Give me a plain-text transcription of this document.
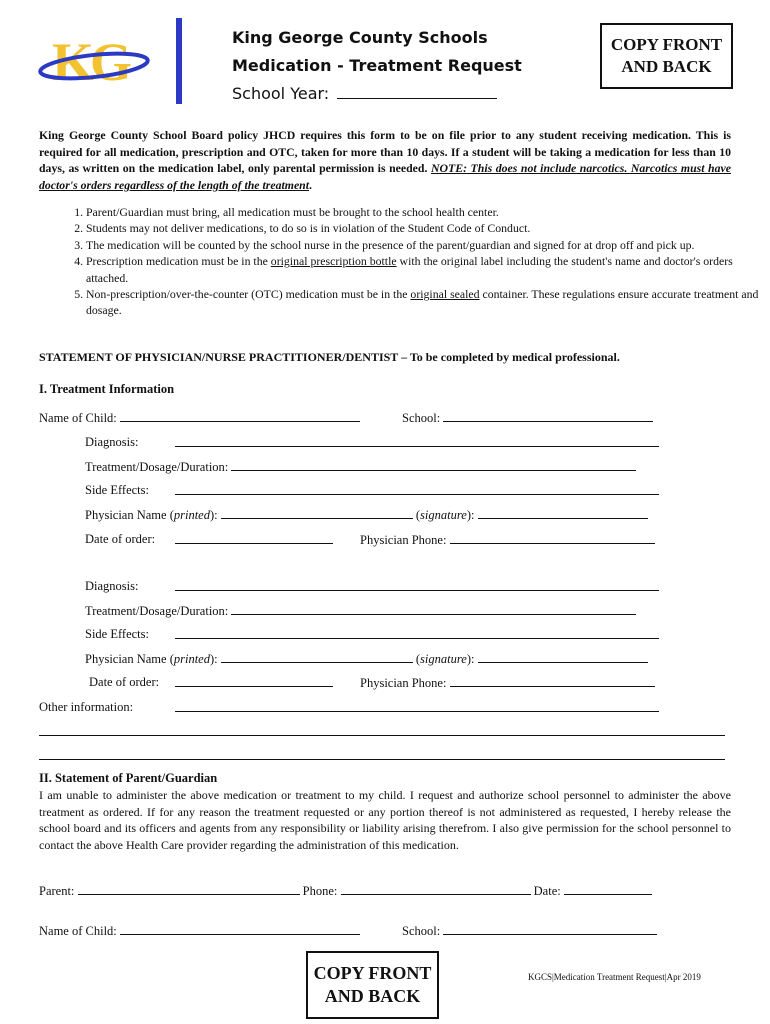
KG	King George County Schools
Medication - Treatment Request
School Year:
COPY FRONT AND BACK
King George County School Board policy JHCD requires this form to be on file prior to any student receiving medication. This is required for all medication, prescription and OTC, taken for more than 10 days. If a student will be taking a medication for less than 10 days, as written on the medication label, only parental permission is needed. NOTE: This does not include narcotics. Narcotics must have doctor's orders regardless of the length of the treatment.
1. Parent/Guardian must bring, all medication must be brought to the school health center.
2. Students may not deliver medications, to do so is in violation of the Student Code of Conduct.
3. The medication will be counted by the school nurse in the presence of the parent/guardian and signed for at drop off and pick up.
4. Prescription medication must be in the original prescription bottle with the original label including the student's name and doctor's orders attached.
5. Non-prescription/over-the-counter (OTC) medication must be in the original sealed container. These regulations ensure accurate treatment and dosage.
STATEMENT OF PHYSICIAN/NURSE PRACTITIONER/DENTIST – To be completed by medical professional.
I. Treatment Information
Name of Child:	School:
Diagnosis:
Treatment/Dosage/Duration:
Side Effects:
Physician Name (printed):	(signature):
Date of order:	Physician Phone:
Diagnosis:
Treatment/Dosage/Duration:
Side Effects:
Physician Name (printed):	(signature):
Date of order:	Physician Phone:
Other information:
II. Statement of Parent/Guardian
I am unable to administer the above medication or treatment to my child. I request and authorize school personnel to administer the above treatment as ordered. If for any reason the treatment requested or any portion thereof is not administered as requested, I hereby release the school board and its officers and agents from any responsibility or liability arising therefrom. I also give permission for the school personnel to contact the above Health Care provider regarding the administration of this medication.
Parent:	Phone:	Date:
Name of Child:	School:
COPY FRONT
AND BACK
KGCS|Medication Treatment Request|Apr 2019
